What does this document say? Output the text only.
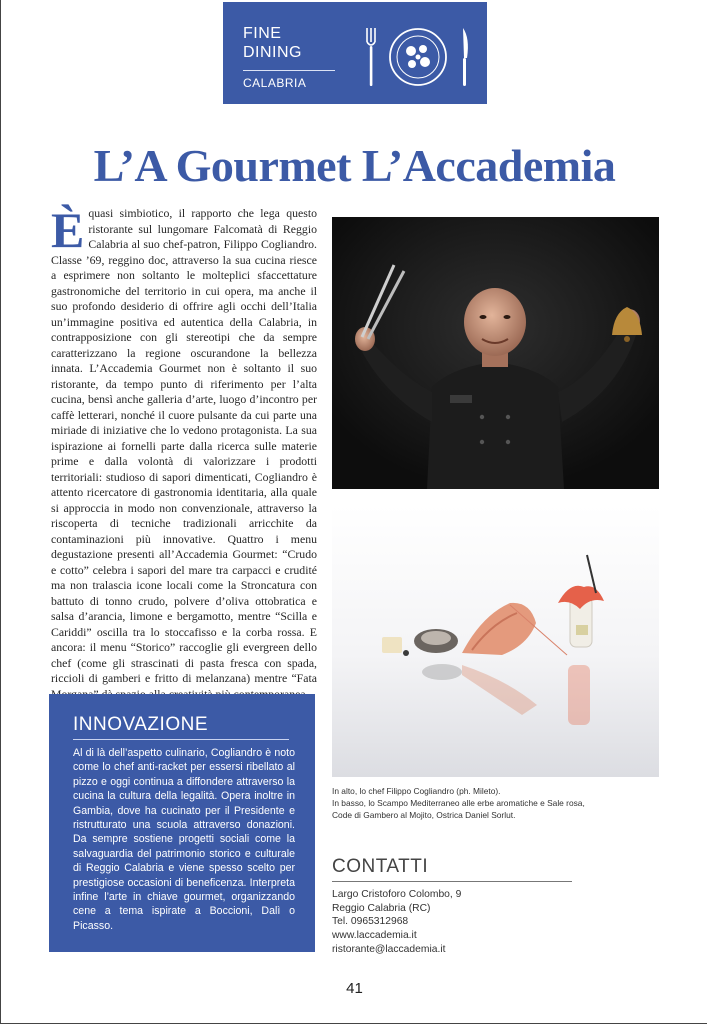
FINE
DINING
CALABRIA
L’A Gourmet L’Accademia
È quasi simbiotico, il rapporto che lega questo ristorante sul lungomare Falcomatà di Reggio Calabria al suo chef-patron, Filippo Cogliandro. Classe ’69, reggino doc, attraverso la sua cucina riesce a esprimere non soltanto le molteplici sfaccettature gastronomiche del territorio in cui opera, ma anche il suo profondo desiderio di offrire agli occhi dell’Italia un’immagine positiva ed autentica della Calabria, in contrapposizione con gli stereotipi che da sempre caratterizzano la regione oscurandone la bellezza innata. L’Accademia Gourmet non è soltanto il suo ristorante, da tempo punto di riferimento per l’alta cucina, bensì anche galleria d’arte, luogo d’incontro per caffè letterari, nonché il cuore pulsante da cui parte una miriade di iniziative che lo vedono protagonista. La sua ispirazione ai fornelli parte dalla ricerca sulle materie prime e dalla volontà di valorizzare i prodotti territoriali: studioso di sapori dimenticati, Cogliandro è attento ricercatore di gastronomia identitaria, alla quale si approccia in modo non convenzionale, attraverso la riscoperta di tecniche tradizionali arricchite da contaminazioni più innovative. Quattro i menu degustazione presenti all’Accademia Gourmet: “Crudo e cotto” celebra i sapori del mare tra carpacci e crudité ma non tralascia icone locali come la Stroncatura con battuto di tonno crudo, polvere d’oliva ottobratica e salsa d’arancia, limone e bergamotto, mentre “Scilla e Cariddi” oscilla tra lo stoccafisso e la corba rossa. E ancora: il menu “Storico” raccoglie gli evergreen dello chef (come gli strascinati di pasta fresca con spada, riccioli di gamberi e fritto di melanzana) mentre “Fata
INNOVAZIONE
Al di là dell’aspetto culinario, Cogliandro è noto come lo chef anti-racket per essersi ribellato al pizzo e oggi continua a diffondere attraverso la cucina la cultura della legalità. Opera inoltre in Gambia, dove ha cucinato per il Presidente e ristrutturato una scuola attraverso donazioni. Da sempre sostiene progetti sociali come la salvaguardia del patrimonio storico e culturale di Reggio Calabria e viene spesso scelto per prestigiose occasioni di beneficenza. Interpreta infine l’arte in chiave gourmet, organizzando cene a tema ispirate a Boccioni, Dalì o Picasso.
In alto, lo chef Filippo Cogliandro (ph. Mileto).
In basso, lo Scampo Mediterraneo alle erbe aromatiche e Sale rosa,
Code di Gambero al Mojito, Ostrica Daniel Sorlut.
CONTATTI
Largo Cristoforo Colombo, 9
Reggio Calabria (RC)
Tel. 0965312968
www.laccademia.it
ristorante@laccademia.it
41
